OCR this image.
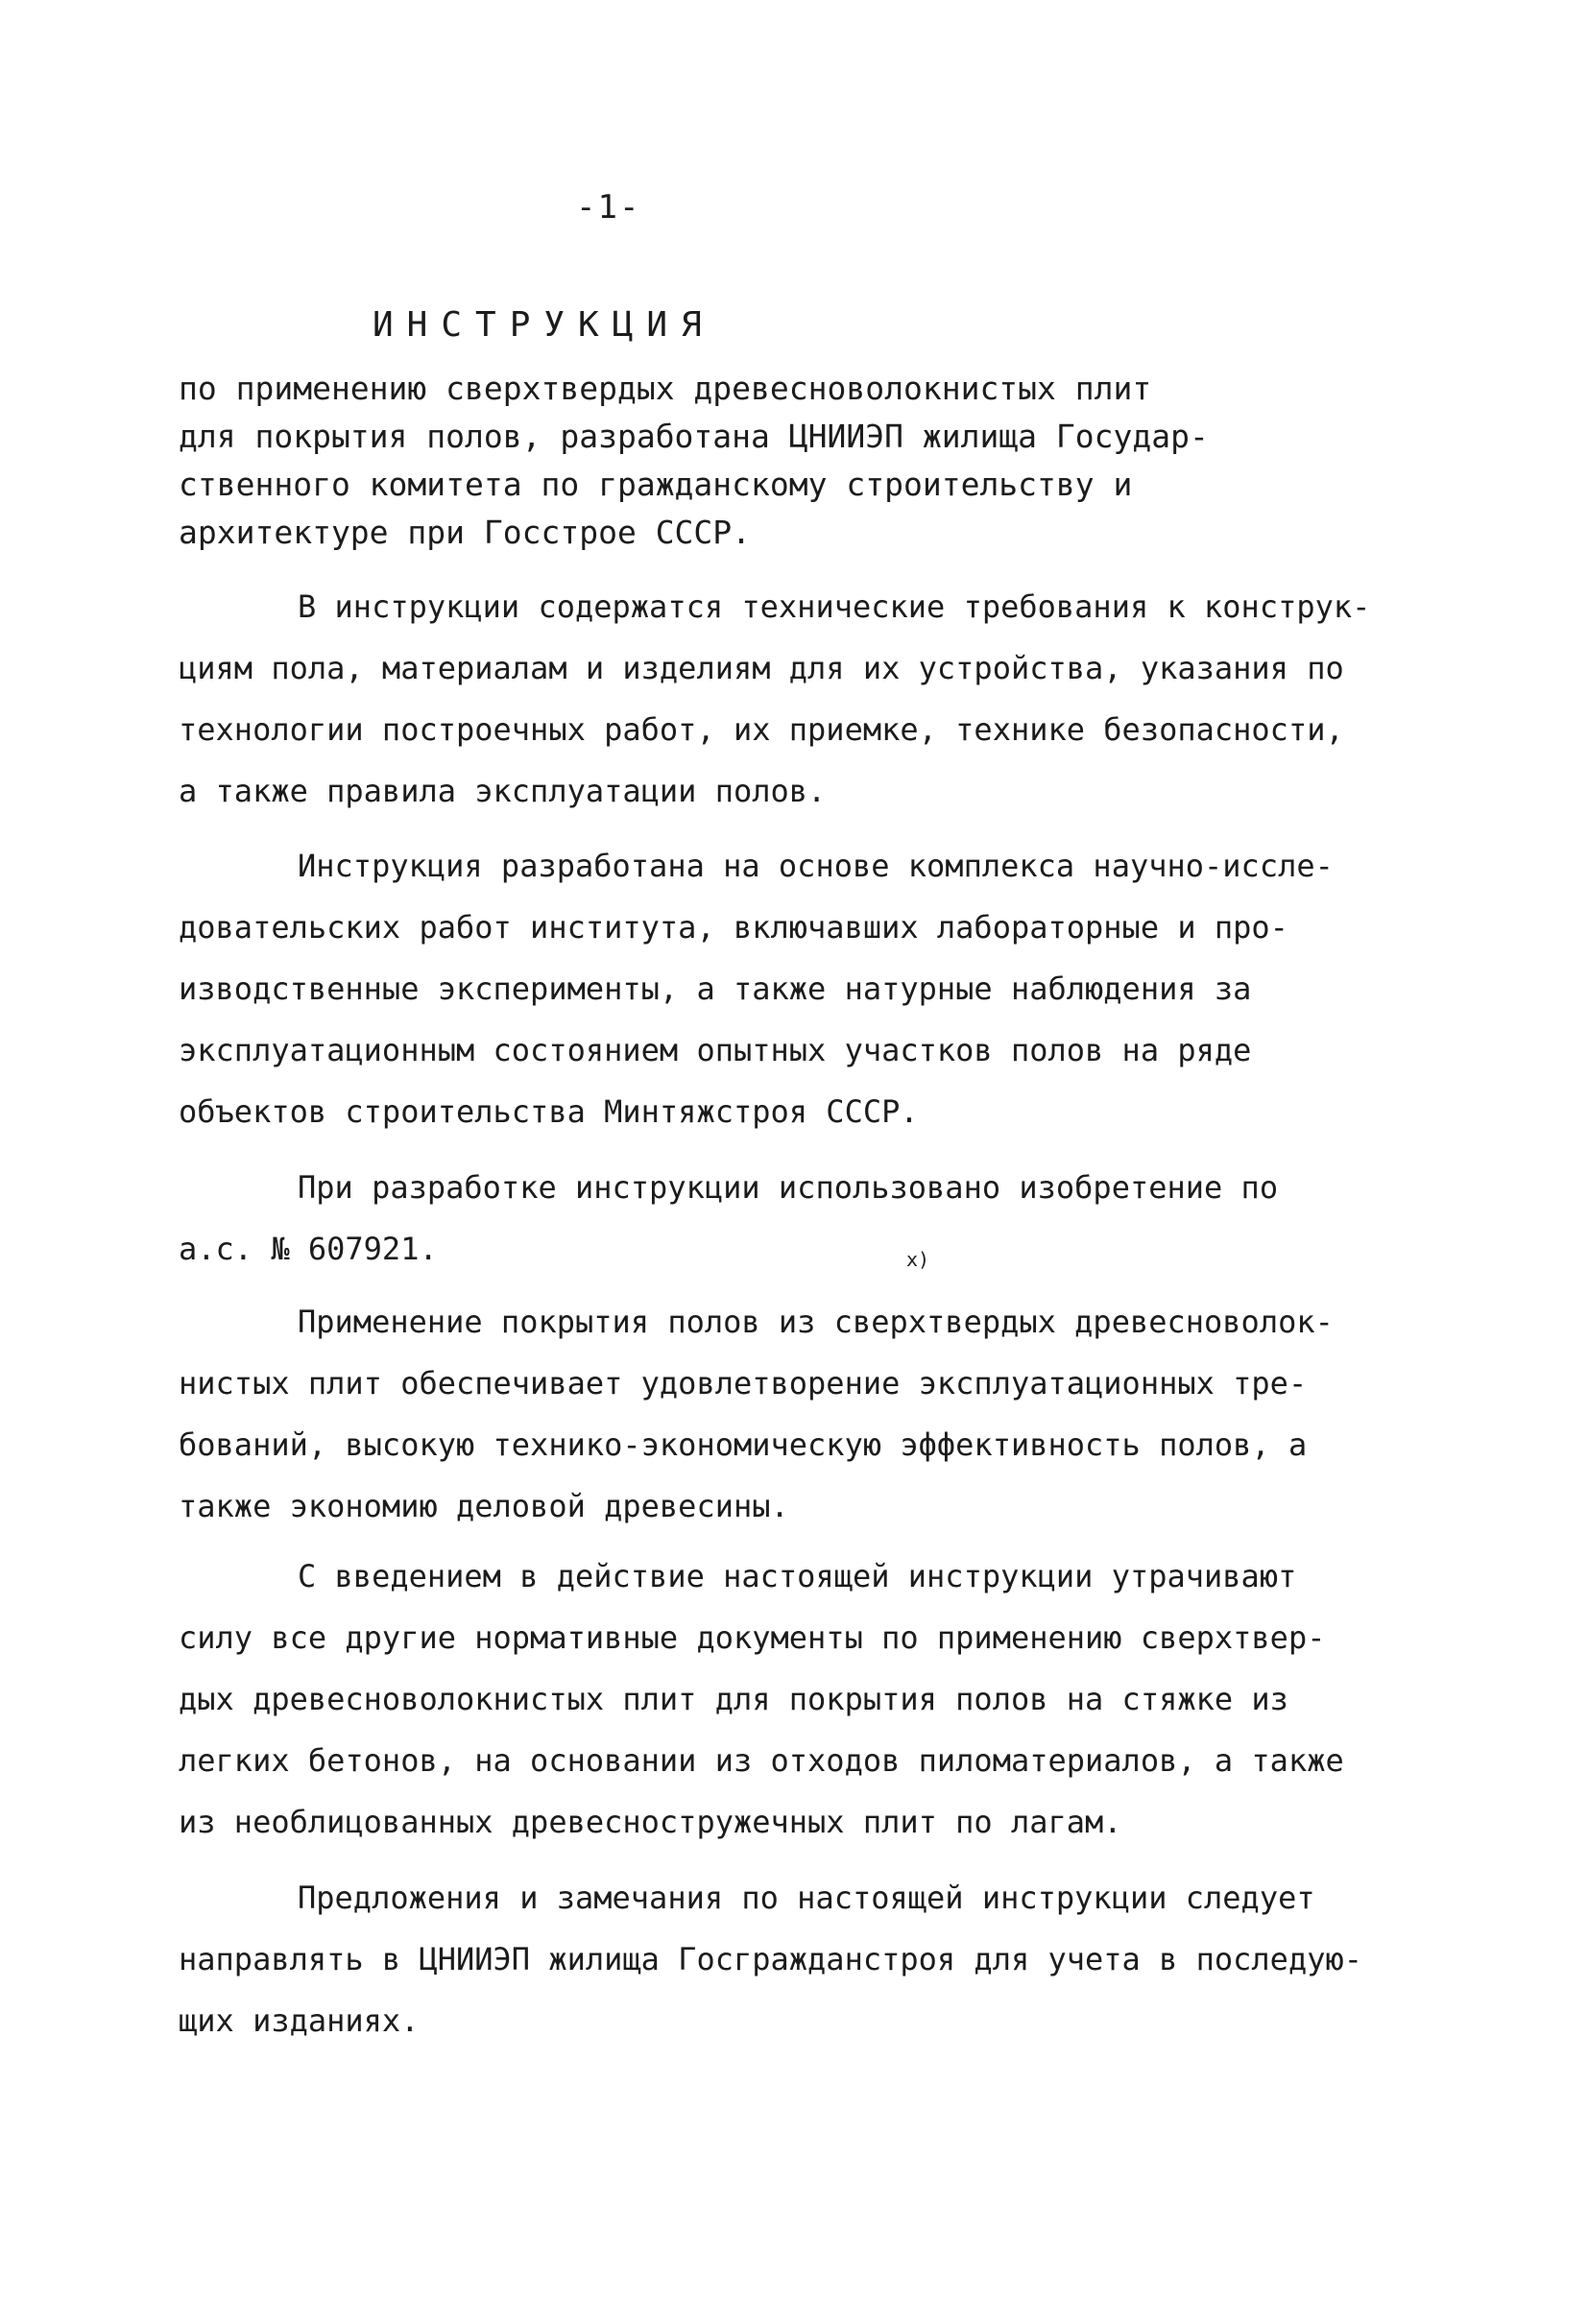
-1-
ИНСТРУКЦИЯ
по применению сверхтвердых древесноволокнистых плит
для покрытия полов, разработана ЦНИИЭП жилища Государ-
ственного комитета по гражданскому строительству и
архитектуре при Госстрое СССР.
В инструкции содержатся технические требования к конструк-
циям пола, материалам и изделиям для их устройства, указания по
технологии построечных работ, их приемке, технике безопасности,
а также правила эксплуатации полов.
Инструкция разработана на основе комплекса научно-иссле-
довательских работ института, включавших лабораторные и про-
изводственные эксперименты, а также натурные наблюдения за
эксплуатационным состоянием опытных участков полов на ряде
объектов строительства Минтяжстроя СССР.
При разработке инструкции использовано изобретение по
а.с. № 607921.
Применение покрытия полов из сверхтвердых древесноволок-
нистых плит обеспечивает удовлетворение эксплуатационных тре-
бований, высокую технико-экономическую эффективность полов, а
также экономию деловой древесины.
С введением в действие настоящей инструкции утрачивают
силу все другие нормативные документы по применению сверхтвер-
дых древесноволокнистых плит для покрытия полов на стяжке из
легких бетонов, на основании из отходов пиломатериалов, а также
из необлицованных древесностружечных плит по лагам.
Предложения и замечания по настоящей инструкции следует
направлять в ЦНИИЭП жилища Госгражданстроя для учета в последую-
щих изданиях.
x)
